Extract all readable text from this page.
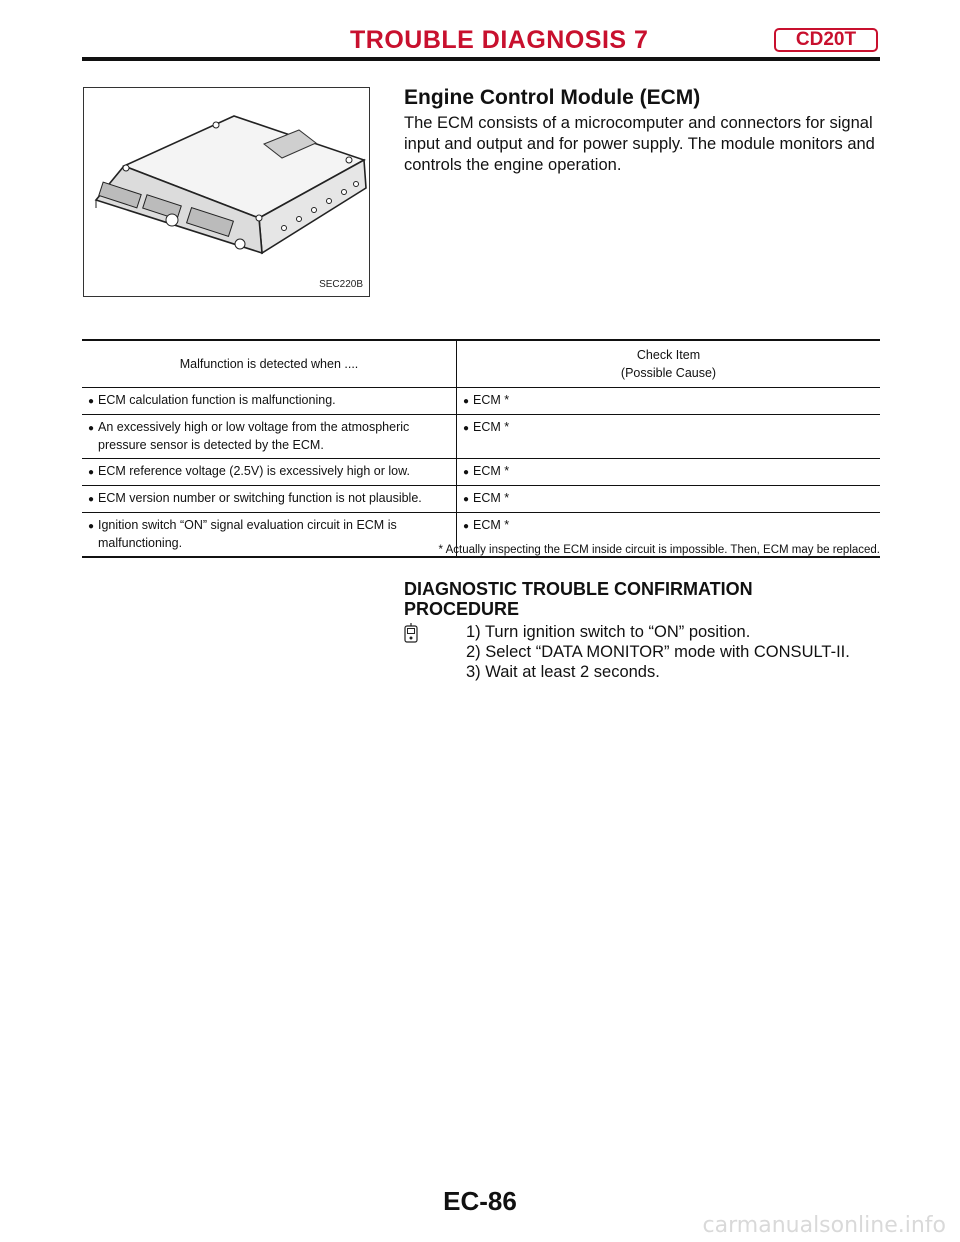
TROUBLE DIAGNOSIS 7	CD20T
SEC220B
Engine Control Module (ECM)
The ECM consists of a microcomputer and connectors for signal input and output and for power supply. The module monitors and controls the engine operation.
Malfunction is detected when ....	Check Item
(Possible Cause)
● ECM calculation function is malfunctioning.	● ECM *
● An excessively high or low voltage from the atmospheric
pressure sensor is detected by the ECM.	● ECM *
● ECM reference voltage (2.5V) is excessively high or low.	● ECM *
● ECM version number or switching function is not plausible.	● ECM *
● Ignition switch “ON” signal evaluation circuit in ECM is
malfunctioning.	● ECM *
* Actually inspecting the ECM inside circuit is impossible. Then, ECM may be replaced.
DIAGNOSTIC TROUBLE CONFIRMATION
PROCEDURE
1) Turn ignition switch to “ON” position.
2) Select “DATA MONITOR” mode with CONSULT-II.
3) Wait at least 2 seconds.
EC-86
carmanualsonline.info
